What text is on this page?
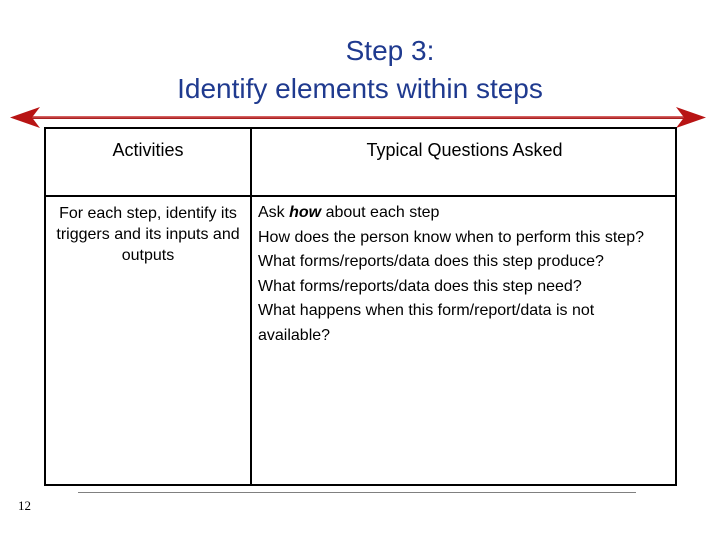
Step 3:
Identify elements within steps
Activities	Typical Questions Asked
For each step, identify its triggers and its inputs and outputs
Ask how about each step
How does the person know when to perform this step?
What forms/reports/data does this step produce?
What forms/reports/data does this step need?
What happens when this form/report/data is not available?
12
